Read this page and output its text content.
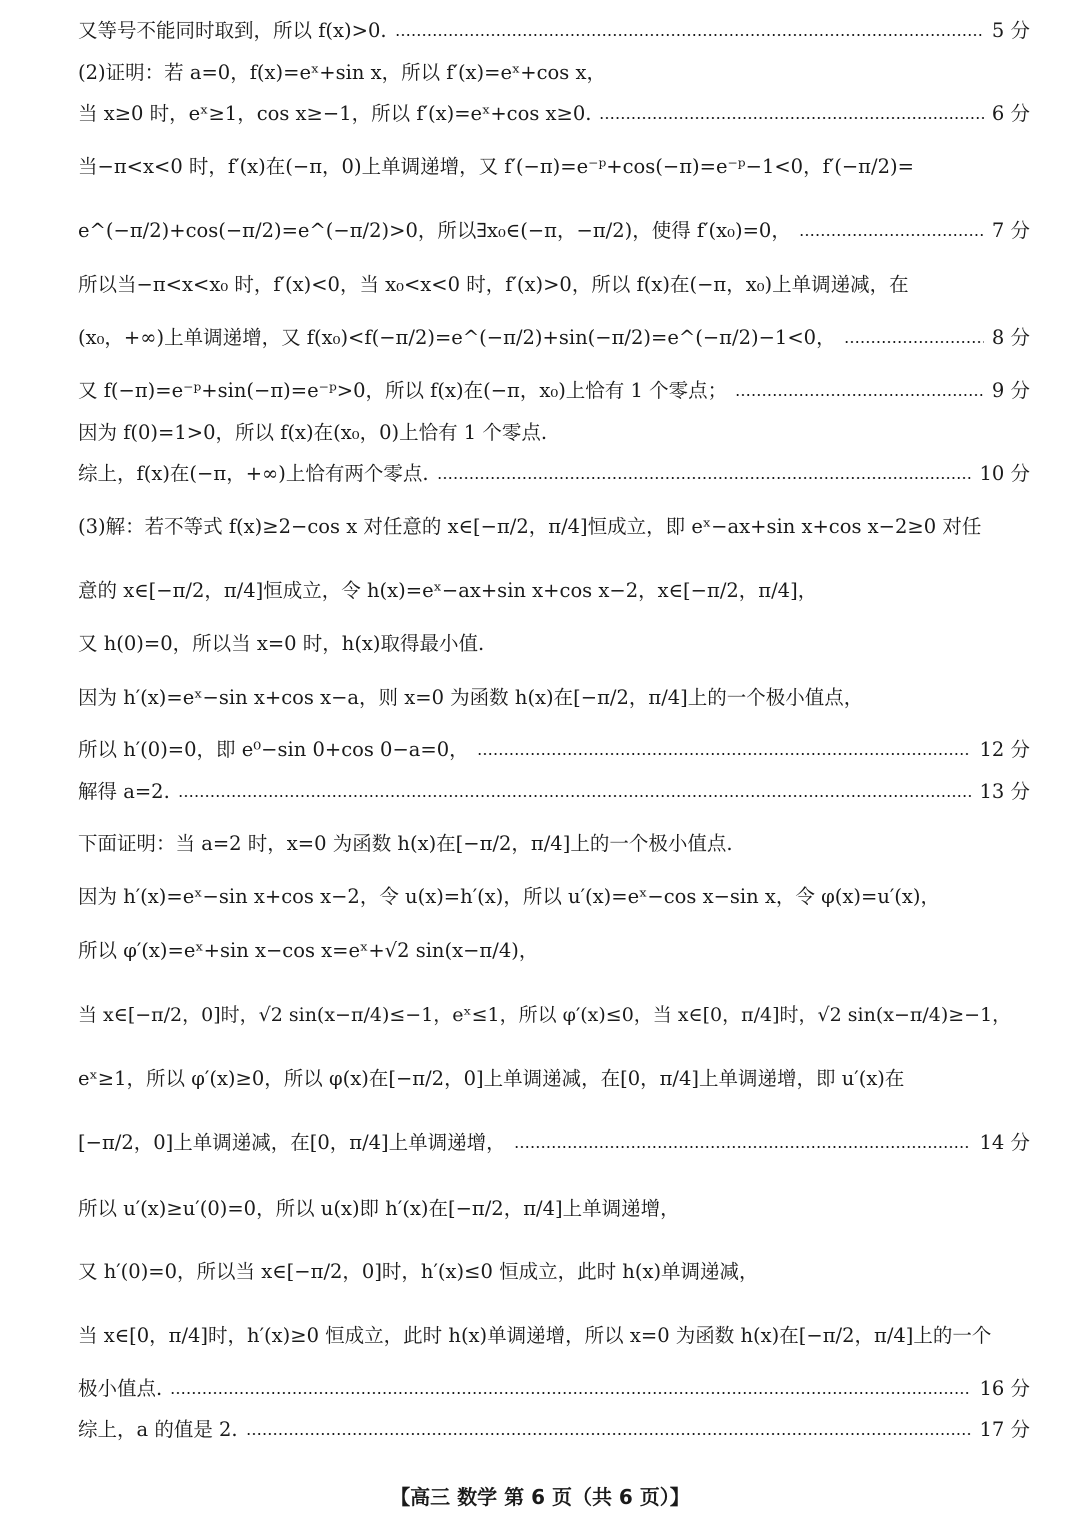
又等号不能同时取到，所以 f(x)>0.	5 分
(2)证明：若 a=0，f(x)=eˣ+sin x，所以 f′(x)=eˣ+cos x，
当 x≥0 时，eˣ≥1，cos x≥−1，所以 f′(x)=eˣ+cos x≥0.	6 分
当−π<x<0 时，f′(x)在(−π，0)上单调递增，又 f′(−π)=e⁻ᵖ+cos(−π)=e⁻ᵖ−1<0，f′(−π/2)=
e^(−π/2)+cos(−π/2)=e^(−π/2)>0，所以∃x₀∈(−π，−π/2)，使得 f′(x₀)=0，	7 分
所以当−π<x<x₀ 时，f′(x)<0，当 x₀<x<0 时，f′(x)>0，所以 f(x)在(−π，x₀)上单调递减，在
(x₀，+∞)上单调递增，又 f(x₀)<f(−π/2)=e^(−π/2)+sin(−π/2)=e^(−π/2)−1<0，	8 分
又 f(−π)=e⁻ᵖ+sin(−π)=e⁻ᵖ>0，所以 f(x)在(−π，x₀)上恰有 1 个零点；	9 分
因为 f(0)=1>0，所以 f(x)在(x₀，0)上恰有 1 个零点.
综上，f(x)在(−π，+∞)上恰有两个零点.	10 分
(3)解：若不等式 f(x)≥2−cos x 对任意的 x∈[−π/2，π/4]恒成立，即 eˣ−ax+sin x+cos x−2≥0 对任
意的 x∈[−π/2，π/4]恒成立，令 h(x)=eˣ−ax+sin x+cos x−2，x∈[−π/2，π/4]，
又 h(0)=0，所以当 x=0 时，h(x)取得最小值.
因为 h′(x)=eˣ−sin x+cos x−a，则 x=0 为函数 h(x)在[−π/2，π/4]上的一个极小值点，
所以 h′(0)=0，即 e⁰−sin 0+cos 0−a=0，	12 分
解得 a=2.	13 分
下面证明：当 a=2 时，x=0 为函数 h(x)在[−π/2，π/4]上的一个极小值点.
因为 h′(x)=eˣ−sin x+cos x−2，令 u(x)=h′(x)，所以 u′(x)=eˣ−cos x−sin x，令 φ(x)=u′(x)，
所以 φ′(x)=eˣ+sin x−cos x=eˣ+√2 sin(x−π/4)，
当 x∈[−π/2，0]时，√2 sin(x−π/4)≤−1，eˣ≤1，所以 φ′(x)≤0，当 x∈[0，π/4]时，√2 sin(x−π/4)≥−1，
eˣ≥1，所以 φ′(x)≥0，所以 φ(x)在[−π/2，0]上单调递减，在[0，π/4]上单调递增，即 u′(x)在
[−π/2，0]上单调递减，在[0，π/4]上单调递增，	14 分
所以 u′(x)≥u′(0)=0，所以 u(x)即 h′(x)在[−π/2，π/4]上单调递增，
又 h′(0)=0，所以当 x∈[−π/2，0]时，h′(x)≤0 恒成立，此时 h(x)单调递减，
当 x∈[0，π/4]时，h′(x)≥0 恒成立，此时 h(x)单调递增，所以 x=0 为函数 h(x)在[−π/2，π/4]上的一个
极小值点.	16 分
综上，a 的值是 2.	17 分
【高三 数学 第 6 页（共 6 页）】
